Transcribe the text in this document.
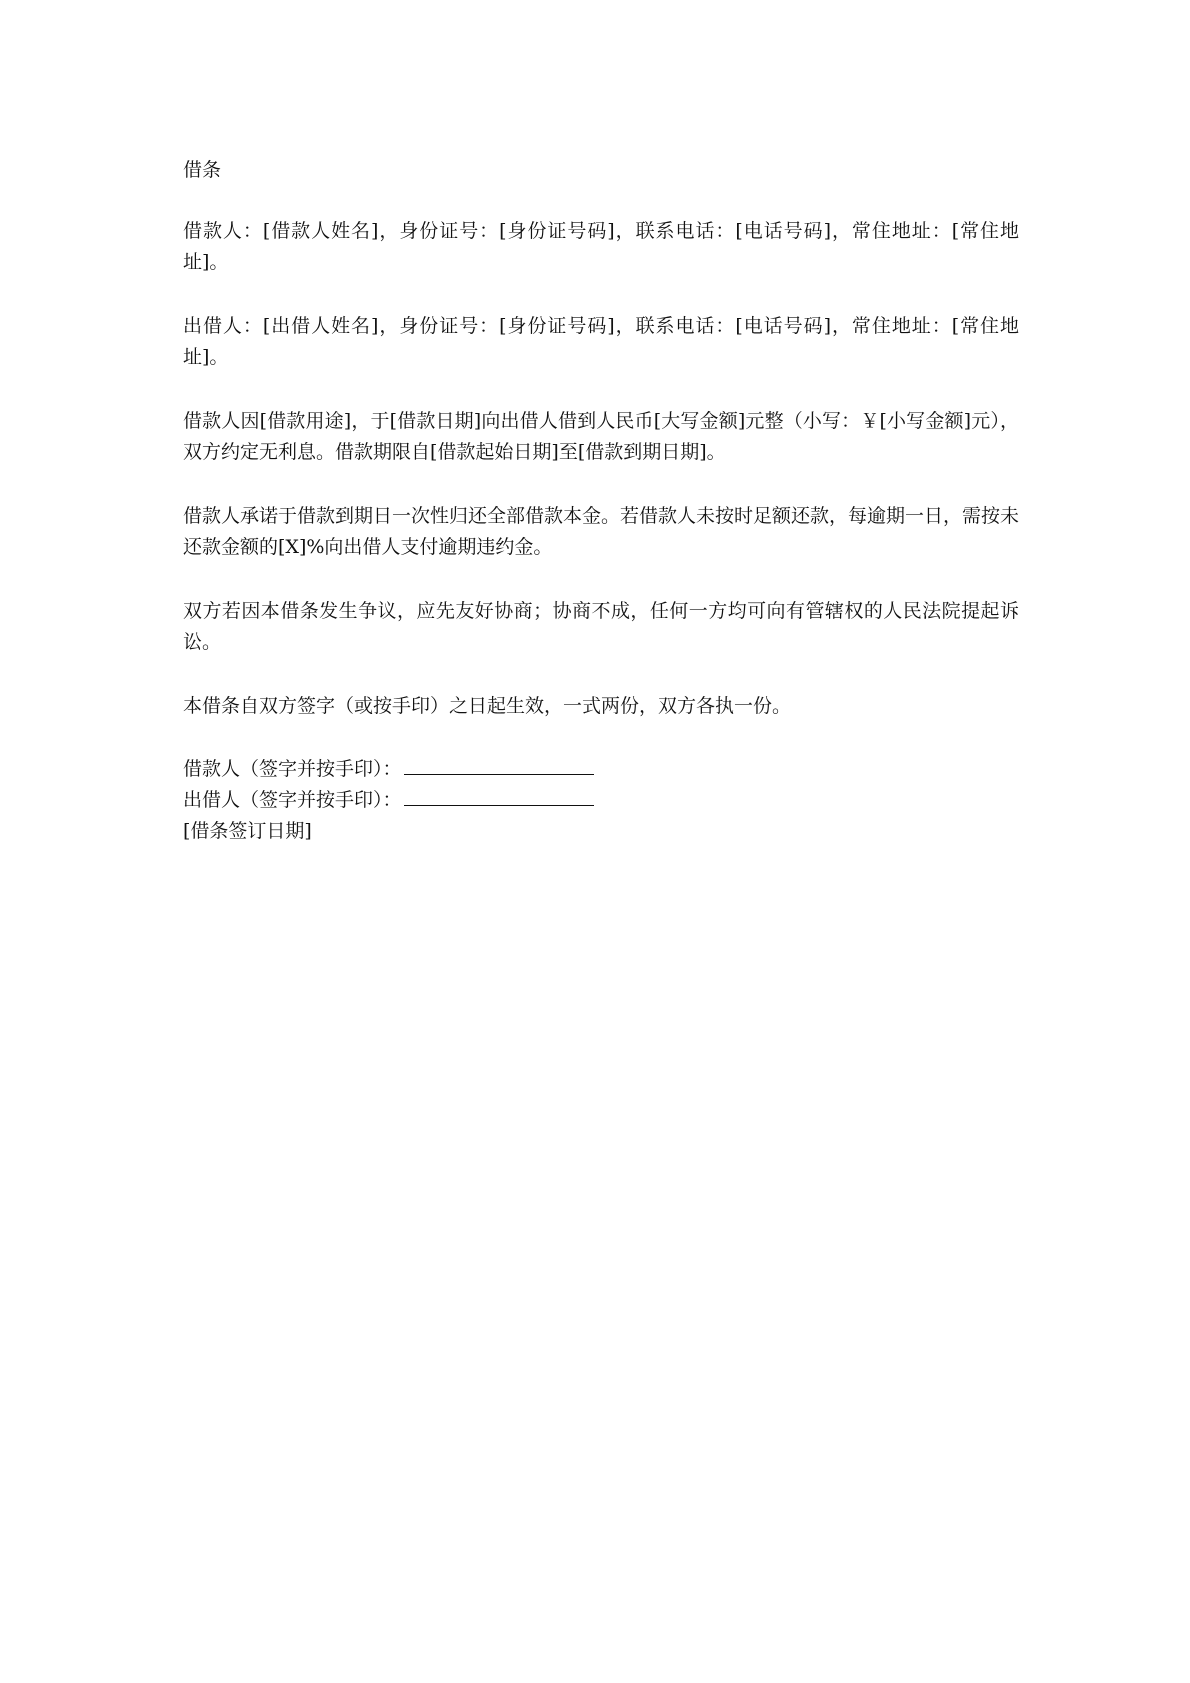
借条

借款人：[借款人姓名]，身份证号：[身份证号码]，联系电话：[电话号码]，常住地址：[常住地址]。

出借人：[出借人姓名]，身份证号：[身份证号码]，联系电话：[电话号码]，常住地址：[常住地址]。

借款人因[借款用途]，于[借款日期]向出借人借到人民币[大写金额]元整（小写：￥[小写金额]元），双方约定无利息。借款期限自[借款起始日期]至[借款到期日期]。

借款人承诺于借款到期日一次性归还全部借款本金。若借款人未按时足额还款，每逾期一日，需按未还款金额的[X]%向出借人支付逾期违约金。

双方若因本借条发生争议，应先友好协商；协商不成，任何一方均可向有管辖权的人民法院提起诉讼。

本借条自双方签字（或按手印）之日起生效，一式两份，双方各执一份。

借款人（签字并按手印）：
出借人（签字并按手印）：
[借条签订日期]
